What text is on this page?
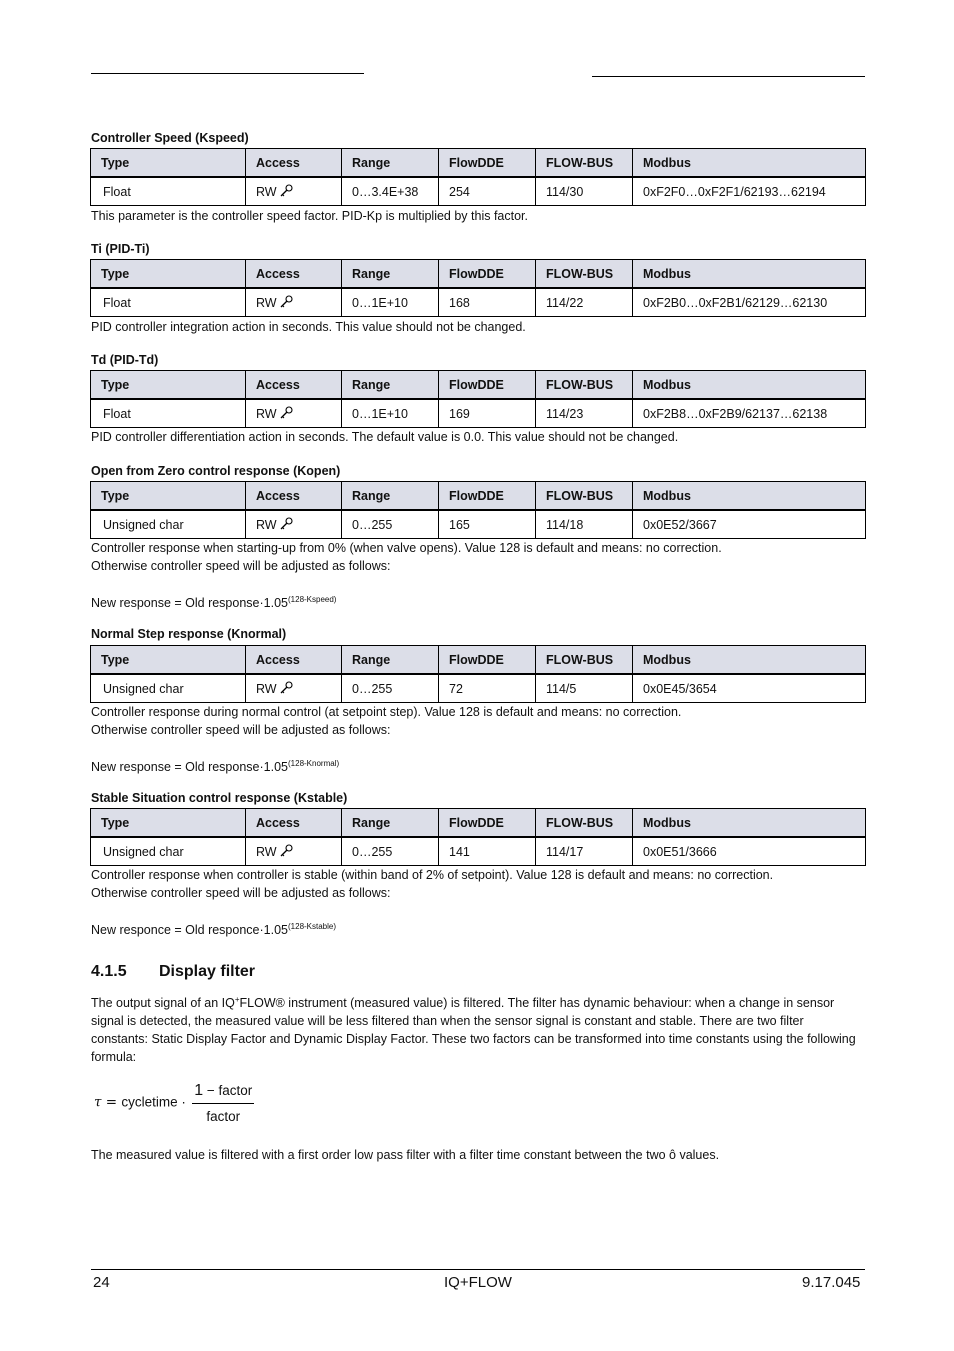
Controller Speed (Kspeed)
Type	Access	Range	FlowDDE	FLOW-BUS	Modbus
Float	RW	0…3.4E+38	254	114/30	0xF2F0…0xF2F1/62193…62194
This parameter is the controller speed factor. PID-Kp is multiplied by this factor.
Ti (PID-Ti)
Type	Access	Range	FlowDDE	FLOW-BUS	Modbus
Float	RW	0…1E+10	168	114/22	0xF2B0…0xF2B1/62129…62130
PID controller integration action in seconds. This value should not be changed.
Td (PID-Td)
Type	Access	Range	FlowDDE	FLOW-BUS	Modbus
Float	RW	0…1E+10	169	114/23	0xF2B8…0xF2B9/62137…62138
PID controller differentiation action in seconds. The default value is 0.0. This value should not be changed.
Open from Zero control response (Kopen)
Type	Access	Range	FlowDDE	FLOW-BUS	Modbus
Unsigned char	RW	0…255	165	114/18	0x0E52/3667
Controller response when starting-up from 0% (when valve opens). Value 128 is default and means: no correction.
Otherwise controller speed will be adjusted as follows:
New response = Old $response\cdot 1.05^{(128-Kspeed)}$
Normal Step response (Knormal)
Type	Access	Range	FlowDDE	FLOW-BUS	Modbus
Unsigned char	RW	0…255	72	114/5	0x0E45/3654
Controller response during normal control (at setpoint step). Value 128 is default and means: no correction.
Otherwise controller speed will be adjusted as follows:
New response = Old $response\cdot 1.05^{(128-Knormal)}$
Stable Situation control response (Kstable)
Type	Access	Range	FlowDDE	FLOW-BUS	Modbus
Unsigned char	RW	0…255	141	114/17	0x0E51/3666
Controller response when controller is stable (within band of 2% of setpoint). Value 128 is default and means: no correction.
Otherwise controller speed will be adjusted as follows:
New responce = Old $responce\cdot 1.05^{(128-Kstable)}$
4.1.5 Display filter
The output signal of an IQ+FLOW® instrument (measured value) is filtered. The filter has dynamic behaviour: when a change in sensor signal is detected, the measured value will be less filtered than when the sensor signal is constant and stable. There are two filter constants: Static Display Factor and Dynamic Display Factor. These two factors can be transformed into time constants using the following formula:
τ = cycletime ·
1 − factor
factor
The measured value is filtered with a first order low pass filter with a filter time constant between the two ô values.
24	IQ+FLOW	9.17.045
